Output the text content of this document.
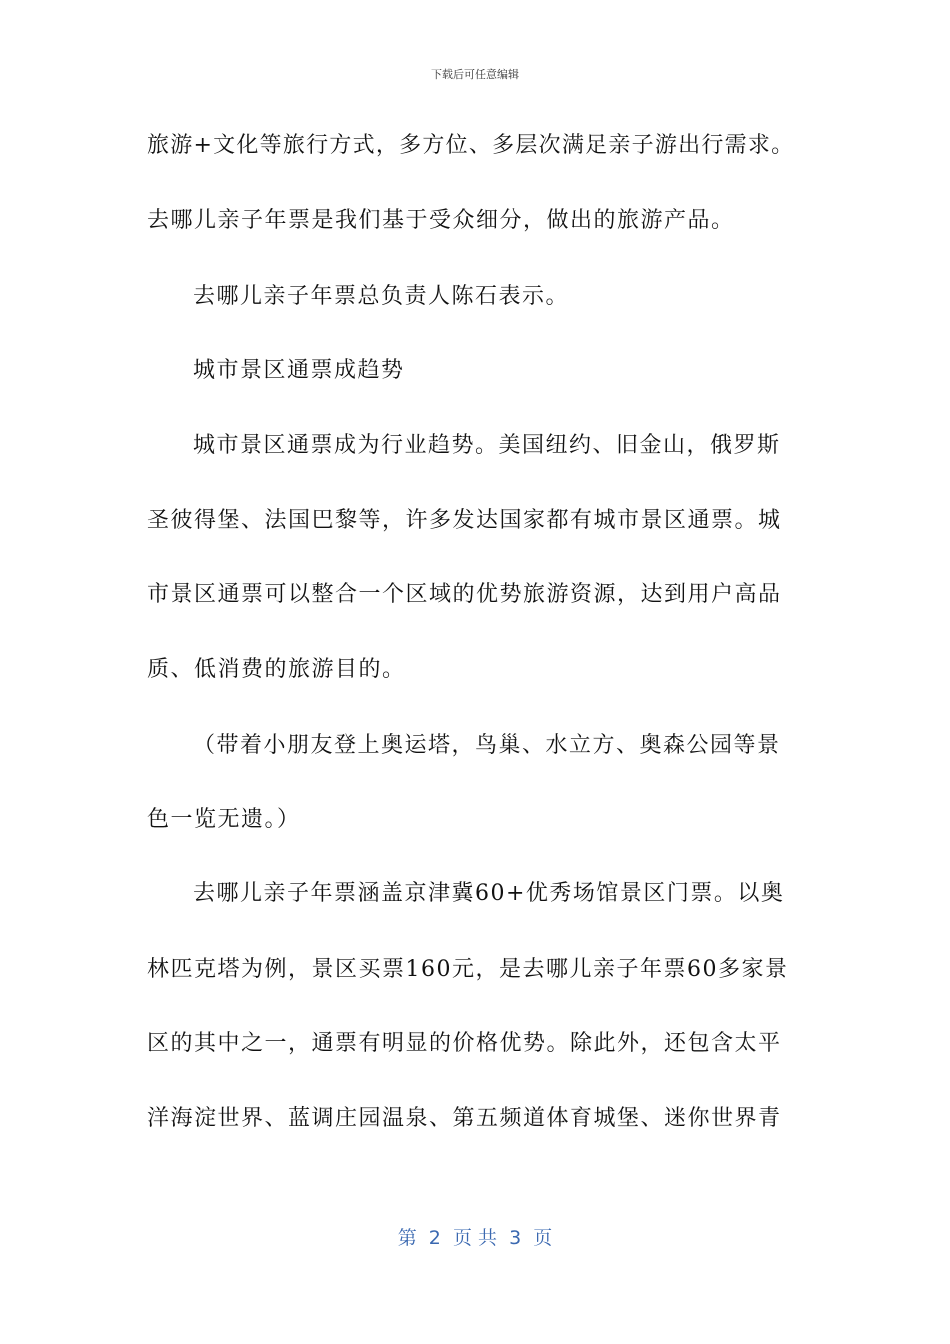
下载后可任意编辑
旅游+文化等旅行方式，多方位、多层次满足亲子游出行需求。
去哪儿亲子年票是我们基于受众细分，做出的旅游产品。
去哪儿亲子年票总负责人陈石表示。
城市景区通票成趋势
城市景区通票成为行业趋势。美国纽约、旧金山，俄罗斯
圣彼得堡、法国巴黎等，许多发达国家都有城市景区通票。城
市景区通票可以整合一个区域的优势旅游资源，达到用户高品
质、低消费的旅游目的。
（带着小朋友登上奥运塔，鸟巢、水立方、奥森公园等景
色一览无遗。）
去哪儿亲子年票涵盖京津冀60+优秀场馆景区门票。以奥
林匹克塔为例，景区买票160元，是去哪儿亲子年票60多家景
区的其中之一，通票有明显的价格优势。除此外，还包含太平
洋海淀世界、蓝调庄园温泉、第五频道体育城堡、迷你世界青
第  2  页 共  3  页
